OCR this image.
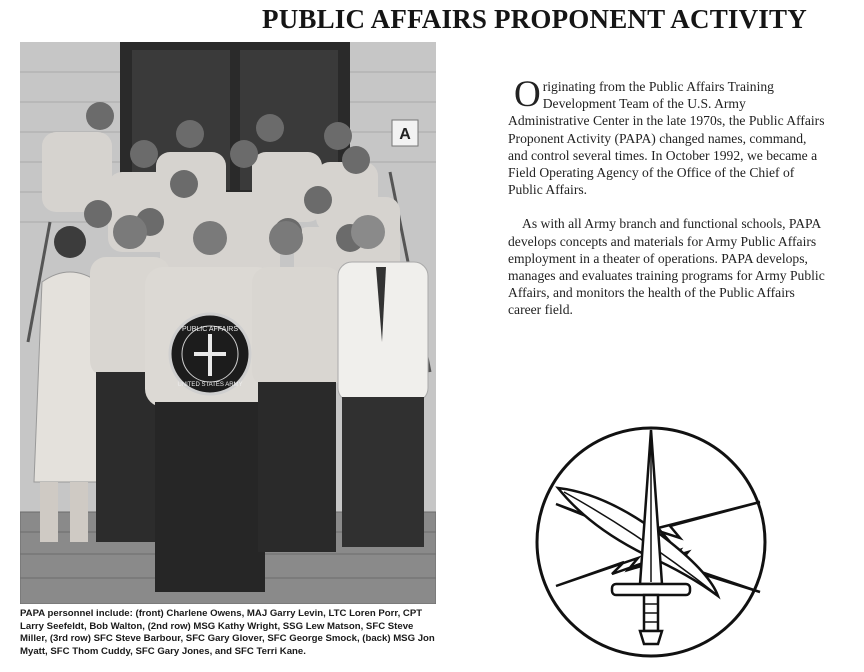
PUBLIC AFFAIRS PROPONENT ACTIVITY
A
PUBLIC AFFAIRS
UNITED STATES ARMY
PAPA personnel include: (front) Charlene Owens, MAJ Garry Levin, LTC Loren Porr, CPT Larry Seefeldt, Bob Walton, (2nd row) MSG Kathy Wright, SSG Lew Matson, SFC Steve Miller, (3rd row) SFC Steve Barbour, SFC Gary Glover, SFC George Smock, (back) MSG Jon Myatt, SFC Thom Cuddy, SFC Gary Jones, and SFC Terri Kane.

Originating from the Public Affairs Training Development Team of the U.S. Army Administrative Center in the late 1970s, the Public Affairs Proponent Activity (PAPA) changed names, command, and control several times. In October 1992, we became a Field Operating Agency of the Office of the Chief of Public Affairs.

As with all Army branch and functional schools, PAPA develops concepts and materials for Army Public Affairs employment in a theater of operations. PAPA develops, manages and evaluates training programs for Army Public Affairs, and monitors the health of the Public Affairs career field.
